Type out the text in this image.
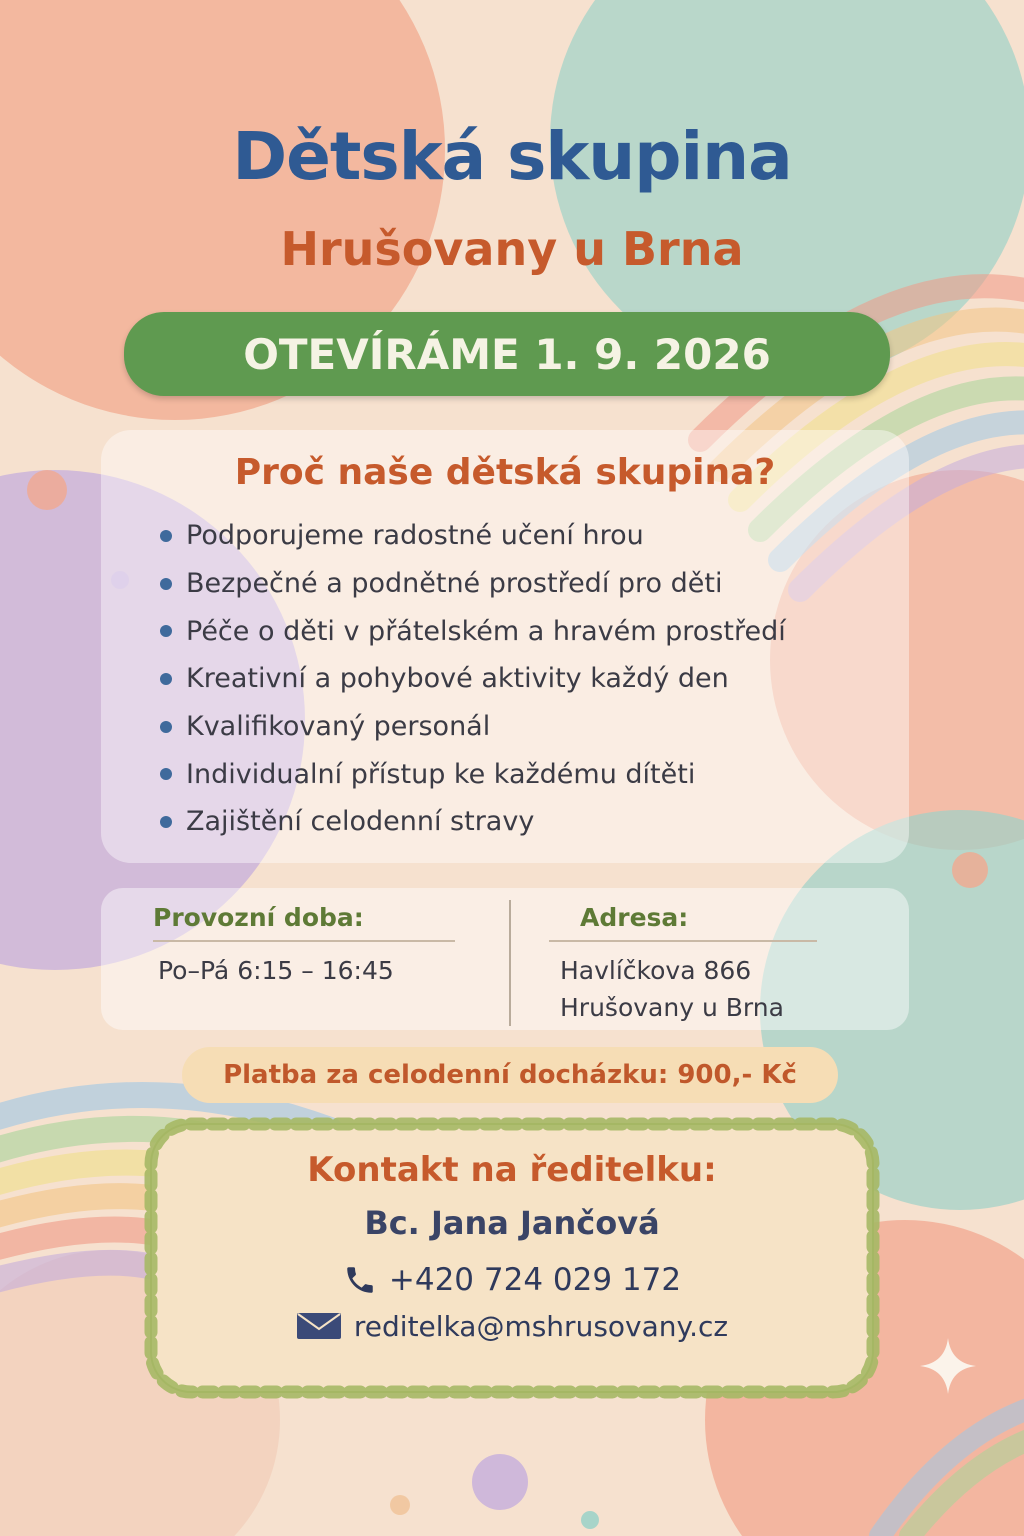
Dětská skupina
Hrušovany u Brna
OTEVÍRÁME 1. 9. 2026
Proč naše dětská skupina?
Podporujeme radostné učení hrou
Bezpečné a podnětné prostředí pro děti
Péče o děti v přátelském a hravém prostředí
Kreativní a pohybové aktivity každý den
Kvalifikovaný personál
Individualní přístup ke každému dítěti
Zajištění celodenní stravy
Provozní doba:
Po–Pá 6:15 – 16:45
Adresa:
Havlíčkova 866
Hrušovany u Brna
Platba za celodenní docházku: 900,- Kč
Kontakt na ředitelku:
Bc. Jana Jančová
+420 724 029 172
reditelka@mshrusovany.cz
